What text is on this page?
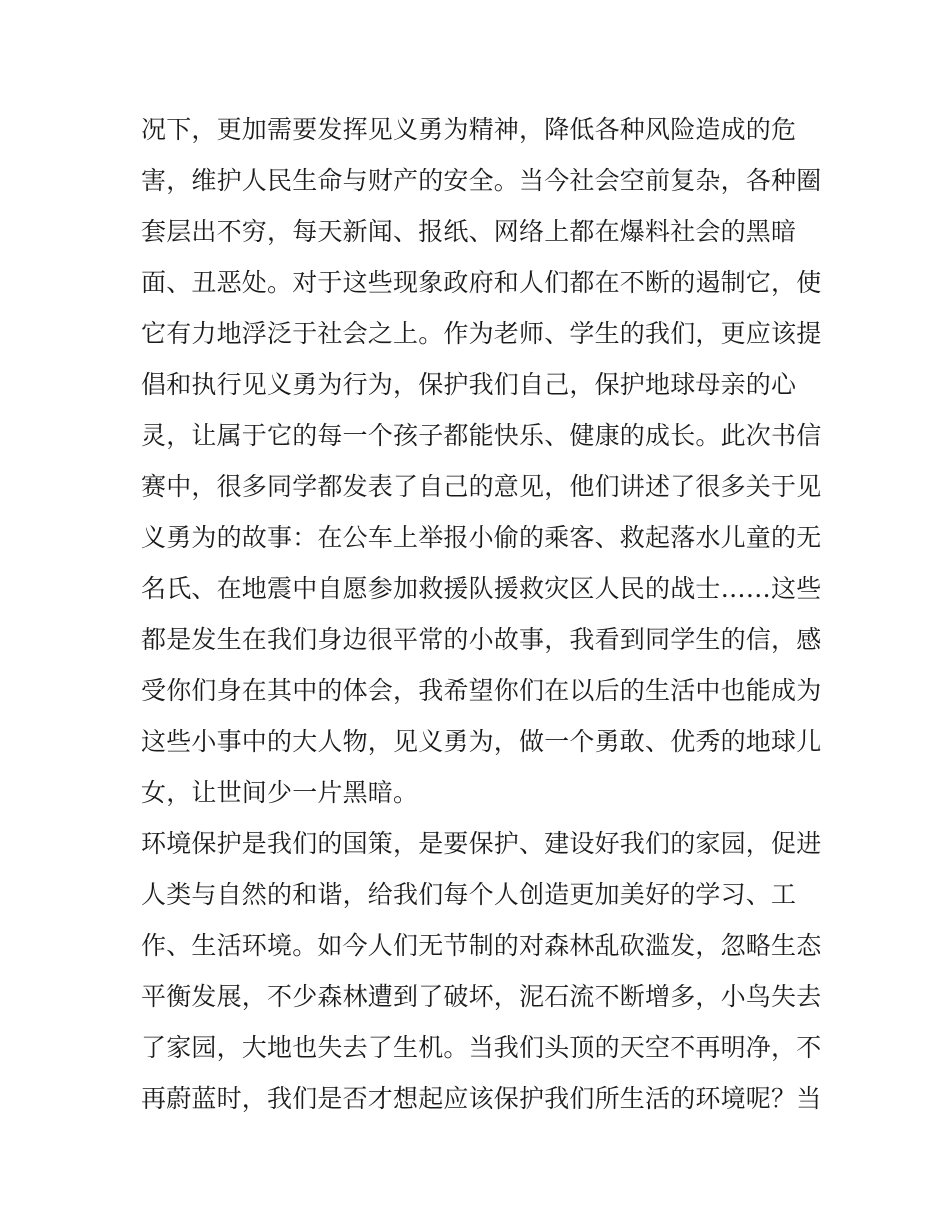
况下，更加需要发挥见义勇为精神，降低各种风险造成的危
害，维护人民生命与财产的安全。当今社会空前复杂，各种圈
套层出不穷，每天新闻、报纸、网络上都在爆料社会的黑暗
面、丑恶处。对于这些现象政府和人们都在不断的遏制它，使
它有力地浮泛于社会之上。作为老师、学生的我们，更应该提
倡和执行见义勇为行为，保护我们自己，保护地球母亲的心
灵，让属于它的每一个孩子都能快乐、健康的成长。此次书信
赛中，很多同学都发表了自己的意见，他们讲述了很多关于见
义勇为的故事：在公车上举报小偷的乘客、救起落水儿童的无
名氏、在地震中自愿参加救援队援救灾区人民的战士……这些
都是发生在我们身边很平常的小故事，我看到同学生的信，感
受你们身在其中的体会，我希望你们在以后的生活中也能成为
这些小事中的大人物，见义勇为，做一个勇敢、优秀的地球儿
女，让世间少一片黑暗。
环境保护是我们的国策，是要保护、建设好我们的家园，促进
人类与自然的和谐，给我们每个人创造更加美好的学习、工
作、生活环境。如今人们无节制的对森林乱砍滥发，忽略生态
平衡发展，不少森林遭到了破坏，泥石流不断增多，小鸟失去
了家园，大地也失去了生机。当我们头顶的天空不再明净，不
再蔚蓝时，我们是否才想起应该保护我们所生活的环境呢？当
